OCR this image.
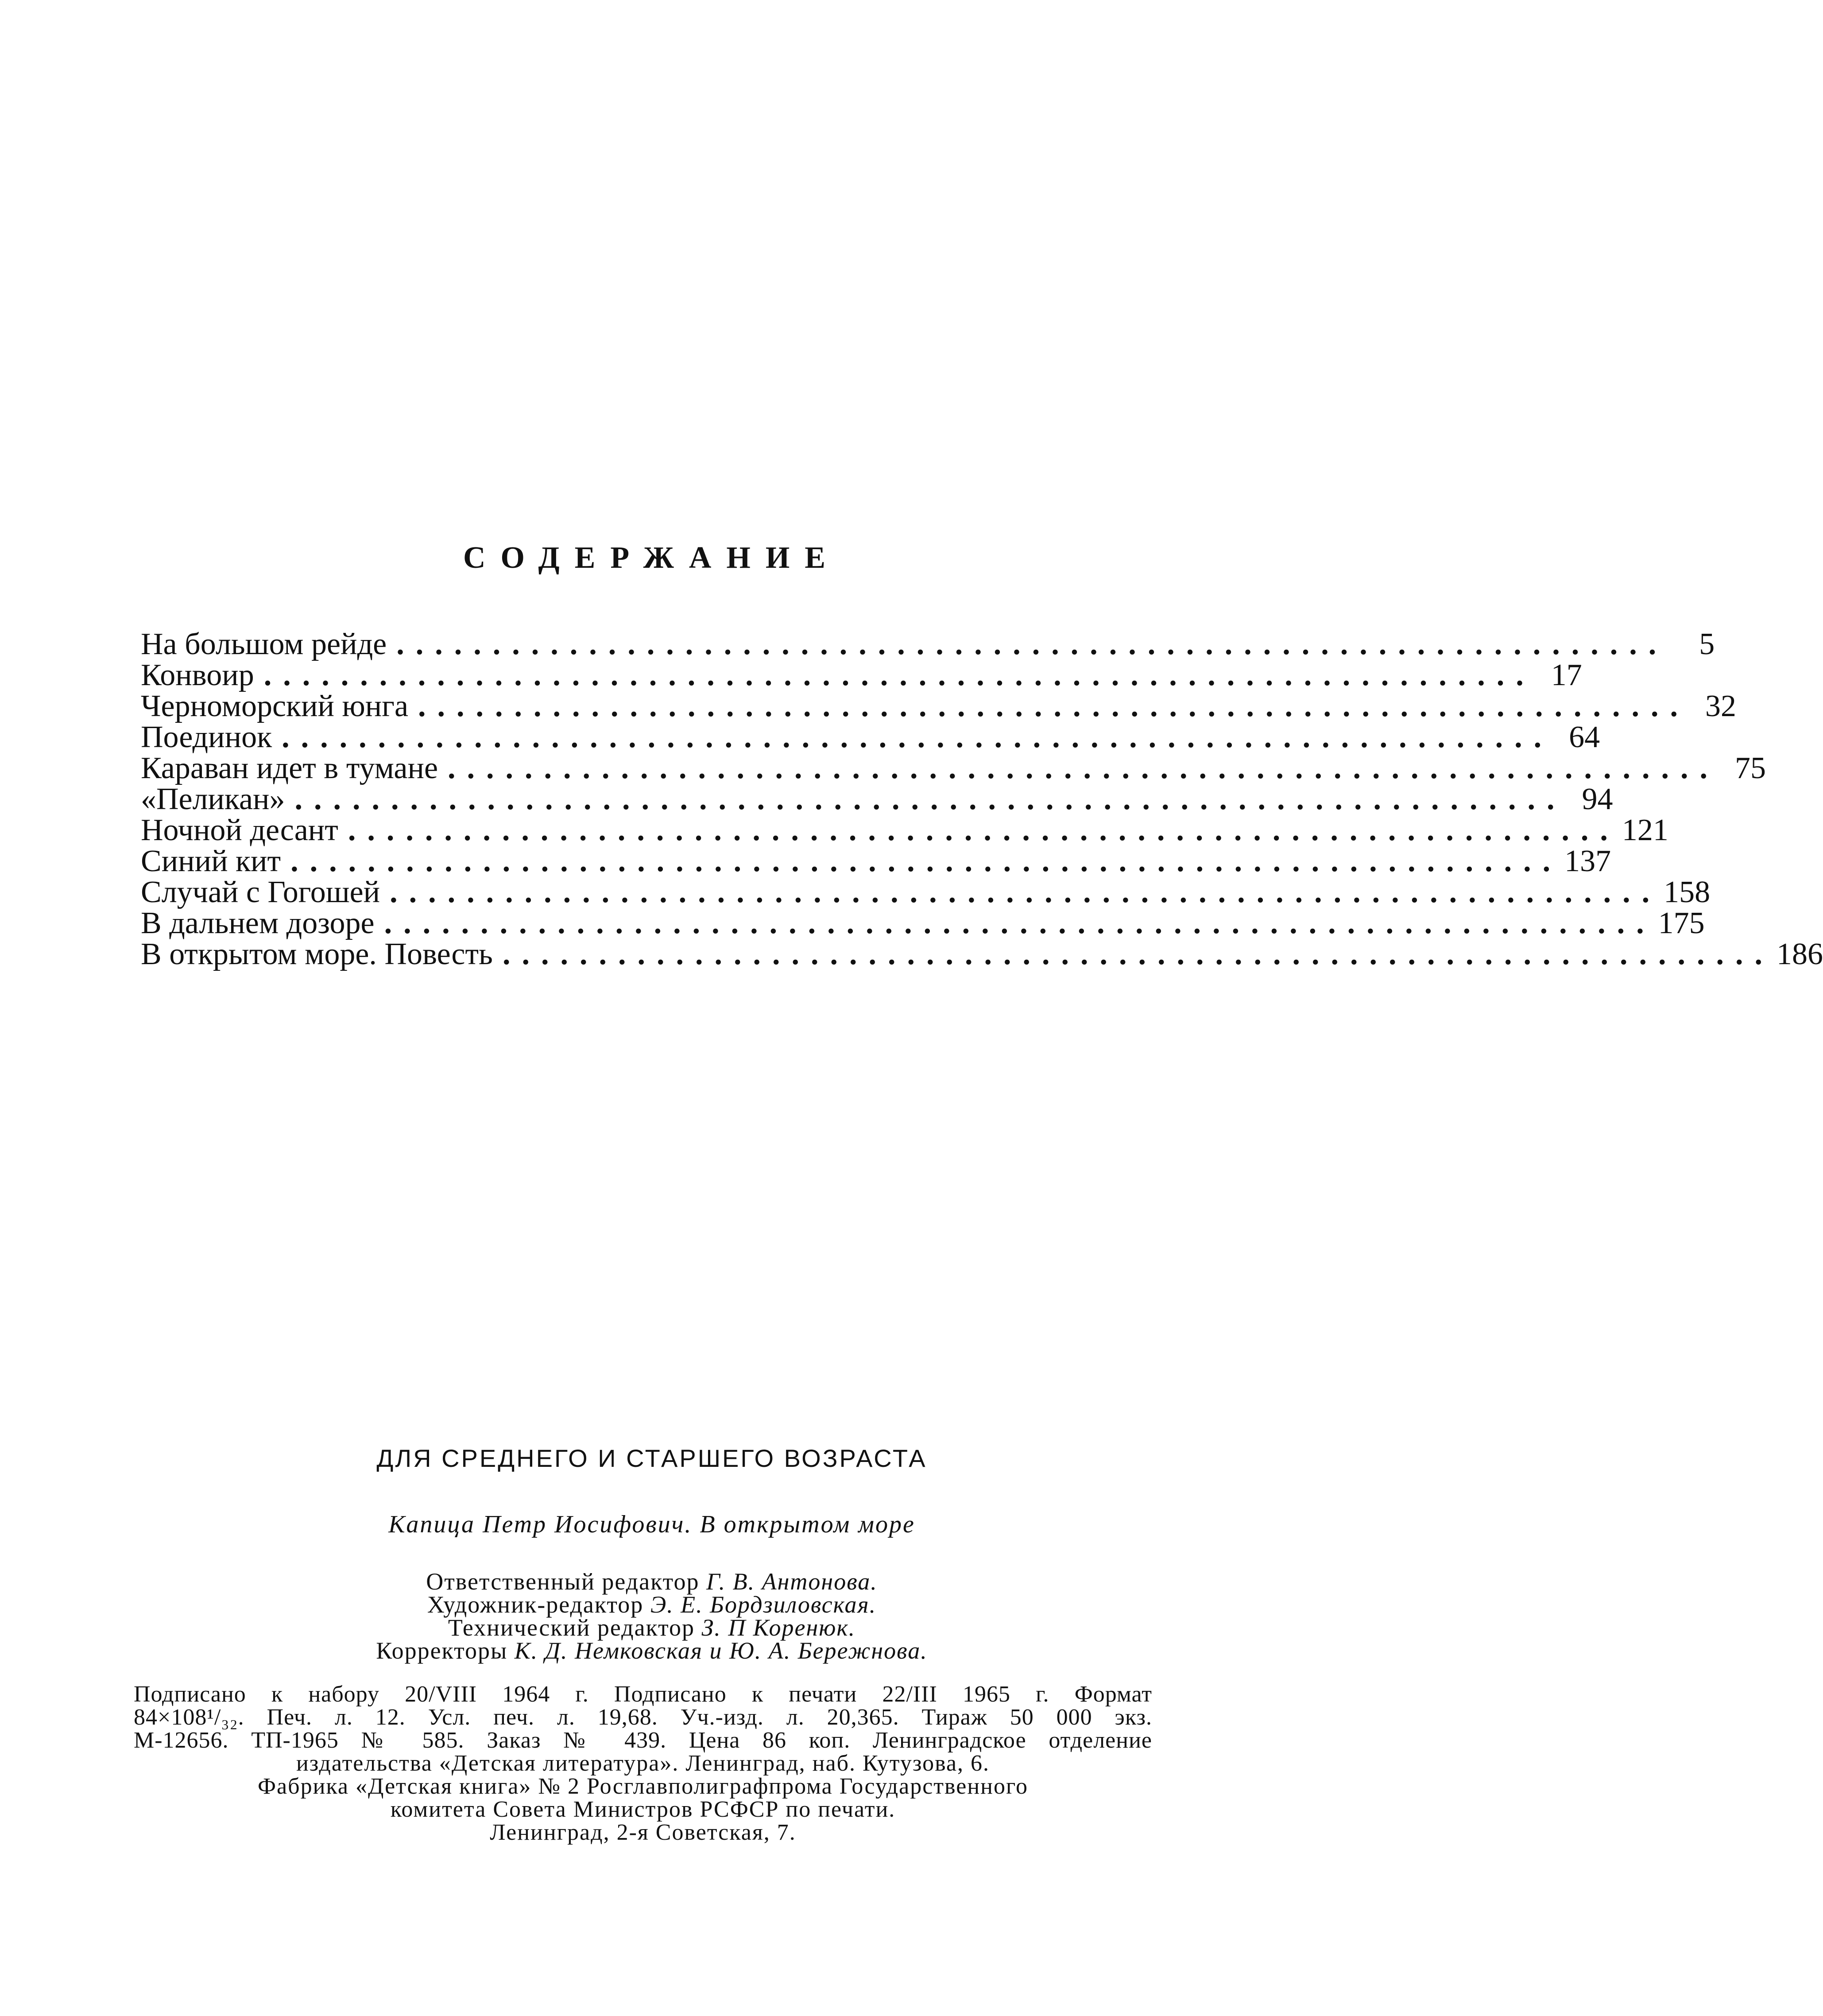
СОДЕРЖАНИЕ
На большом рейде ..................................................................	5
Конвоир .................................................................. 17
Черноморский юнга .................................................................. 32
Поединок .................................................................. 64
Караван идет в тумане .................................................................. 75
«Пеликан» .................................................................. 94
Ночной десант .................................................................. 121
Синий кит .................................................................. 137
Случай с Гогошей .................................................................. 158
В дальнем дозоре .................................................................. 175
В открытом море. Повесть .................................................................. 186
ДЛЯ СРЕДНЕГО И СТАРШЕГО ВОЗРАСТА
Капица Петр Иосифович. В открытом море
Ответственный редактор Г. В. Антонова.
Художник-редактор Э. Е. Бордзиловская.
Технический редактор З. П Коренюк.
Корректоры К. Д. Немковская и Ю. А. Бережнова.
Подписано к набору 20/VIII 1964 г. Подписано к печати 22/III 1965 г. Формат
84×108¹/₃₂. Печ. л. 12. Усл. печ. л. 19,68. Уч.-изд. л. 20,365. Тираж 50 000 экз.
М-12656. ТП-1965 № 585. Заказ № 439. Цена 86 коп. Ленинградское отделение
издательства «Детская литература». Ленинград, наб. Кутузова, 6.
Фабрика «Детская книга» № 2 Росглавполиграфпрома Государственного
комитета Совета Министров РСФСР по печати.
Ленинград, 2-я Советская, 7.
